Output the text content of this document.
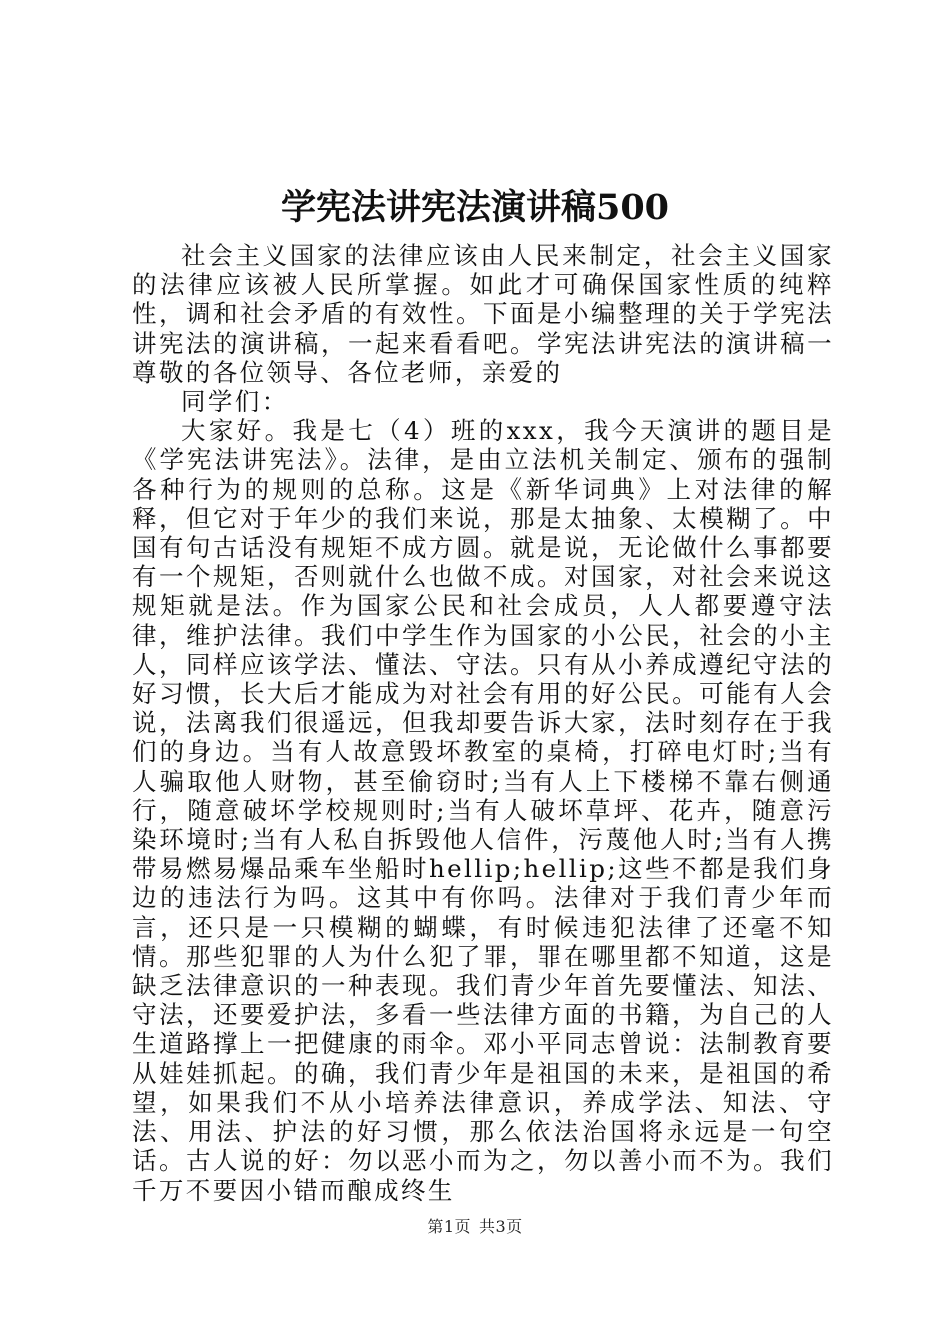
学宪法讲宪法演讲稿500

社会主义国家的法律应该由人民来制定，社会主义国家的法律应该被人民所掌握。如此才可确保国家性质的纯粹性，调和社会矛盾的有效性。下面是小编整理的关于学宪法讲宪法的演讲稿，一起来看看吧。学宪法讲宪法的演讲稿一尊敬的各位领导、各位老师，亲爱的

同学们：

大家好。我是七（4）班的xxx，我今天演讲的题目是《学宪法讲宪法》。法律，是由立法机关制定、颁布的强制各种行为的规则的总称。这是《新华词典》上对法律的解释，但它对于年少的我们来说，那是太抽象、太模糊了。中国有句古话没有规矩不成方圆。就是说，无论做什么事都要有一个规矩，否则就什么也做不成。对国家，对社会来说这规矩就是法。作为国家公民和社会成员，人人都要遵守法律，维护法律。我们中学生作为国家的小公民，社会的小主人，同样应该学法、懂法、守法。只有从小养成遵纪守法的好习惯，长大后才能成为对社会有用的好公民。可能有人会说，法离我们很遥远，但我却要告诉大家，法时刻存在于我们的身边。当有人故意毁坏教室的桌椅，打碎电灯时;当有人骗取他人财物，甚至偷窃时;当有人上下楼梯不靠右侧通行，随意破坏学校规则时;当有人破坏草坪、花卉，随意污染环境时;当有人私自拆毁他人信件，污蔑他人时;当有人携带易燃易爆品乘车坐船时hellip;hellip;这些不都是我们身边的违法行为吗。这其中有你吗。法律对于我们青少年而言，还只是一只模糊的蝴蝶，有时候违犯法律了还毫不知情。那些犯罪的人为什么犯了罪，罪在哪里都不知道，这是缺乏法律意识的一种表现。我们青少年首先要懂法、知法、守法，还要爱护法，多看一些法律方面的书籍，为自己的人生道路撑上一把健康的雨伞。邓小平同志曾说：法制教育要从娃娃抓起。的确，我们青少年是祖国的未来，是祖国的希望，如果我们不从小培养法律意识，养成学法、知法、守法、用法、护法的好习惯，那么依法治国将永远是一句空话。古人说的好：勿以恶小而为之，勿以善小而不为。我们千万不要因小错而酿成终生

第1页 共3页
